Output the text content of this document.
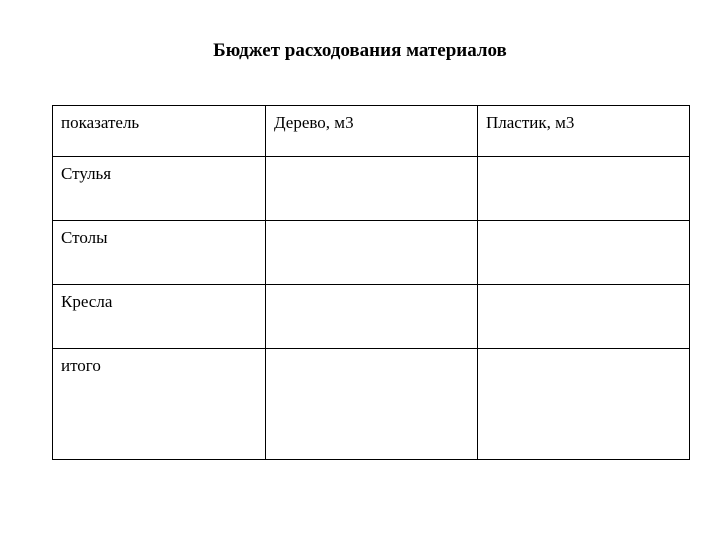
Бюджет расходования материалов
показатель	Дерево, м3	Пластик, м3
Стулья		
Столы		
Кресла		
итого		
